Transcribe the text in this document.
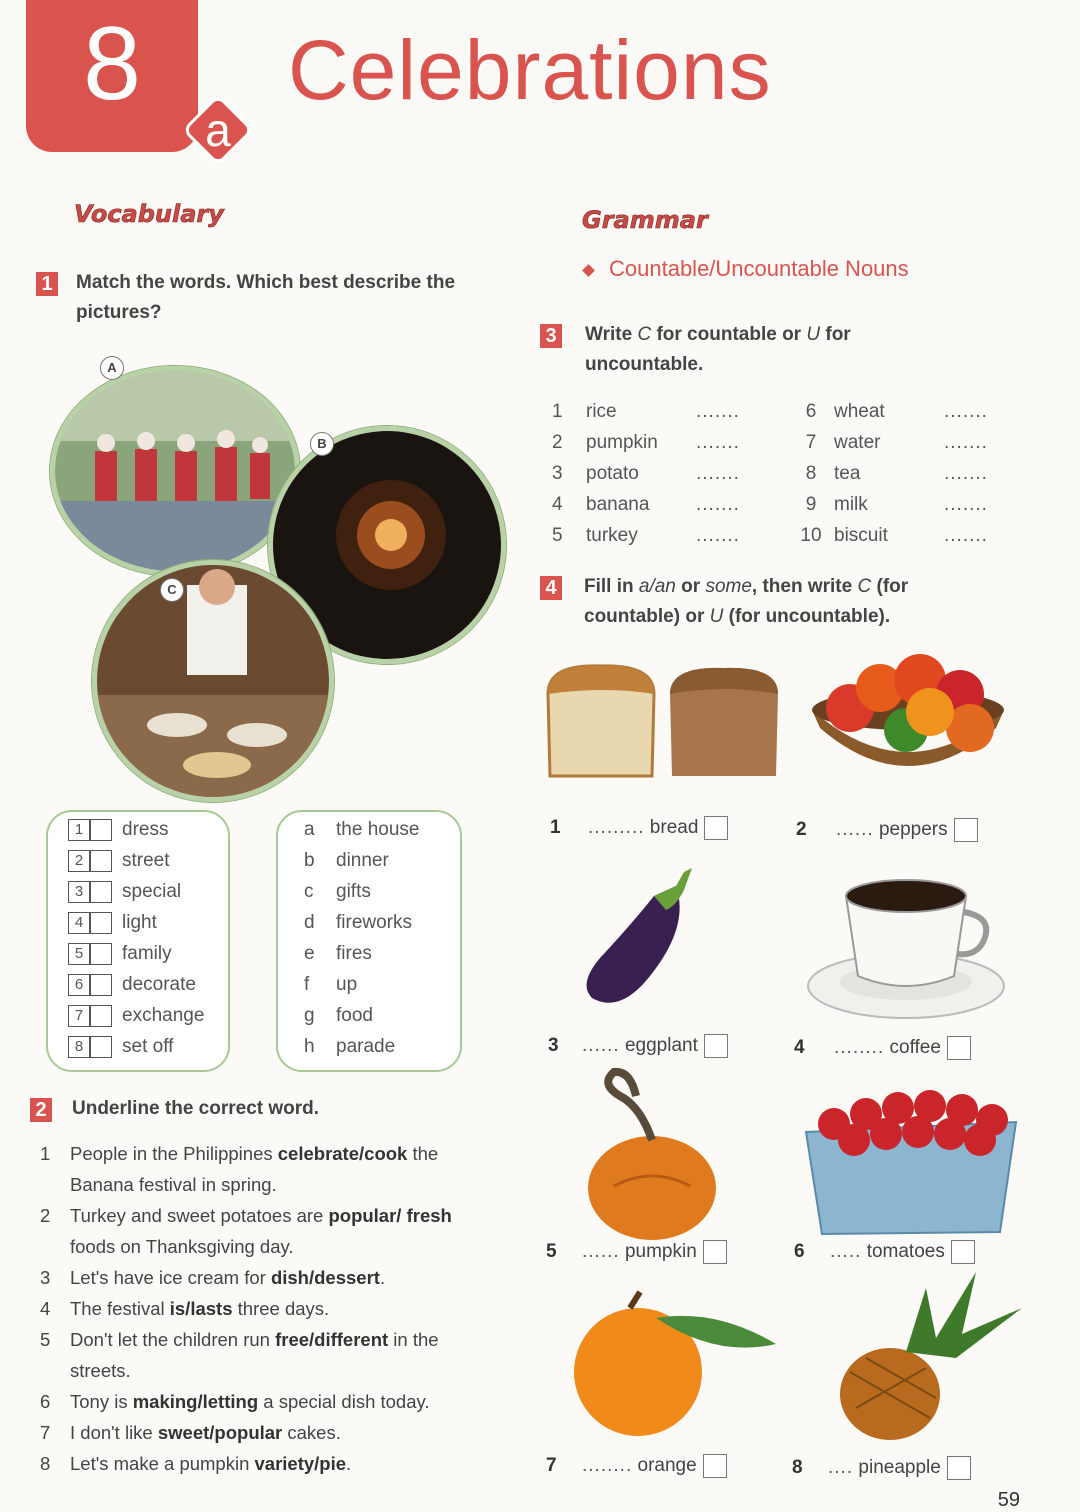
8
a
Celebrations
Vocabulary
1 Match the words. Which best describe the pictures?
A
B
C
1 dress
2 street
3 special
4 light
5 family
6 decorate
7 exchange
8 set off
a the house
b dinner
c gifts
d fireworks
e fires
f up
g food
h parade
2 Underline the correct word.
1	People in the Philippines celebrate/cook the Banana festival in spring.
2	Turkey and sweet potatoes are popular/ fresh foods on Thanksgiving day.
3	Let's have ice cream for dish/dessert.
4	The festival is/lasts three days.
5	Don't let the children run free/different in the streets.
6	Tony is making/letting a special dish today.
7	I don't like sweet/popular cakes.
8	Let's make a pumpkin variety/pie.
Grammar
Countable/Uncountable Nouns
3 Write C for countable or U for uncountable.
1 rice	.......
2 pumpkin .......
3 potato	.......
4 banana .......
5 turkey	.......
6 wheat	.......
7 water	.......
8 tea	.......
9 milk	.......
10 biscuit	.......
4 Fill in a/an or some, then write C (for countable) or U (for uncountable).
1 ......... bread	2 ...... peppers
3 ...... eggplant	4 ........ coffee
5 ...... pumpkin	6 ..... tomatoes
7 ........ orange	8 .... pineapple
59
